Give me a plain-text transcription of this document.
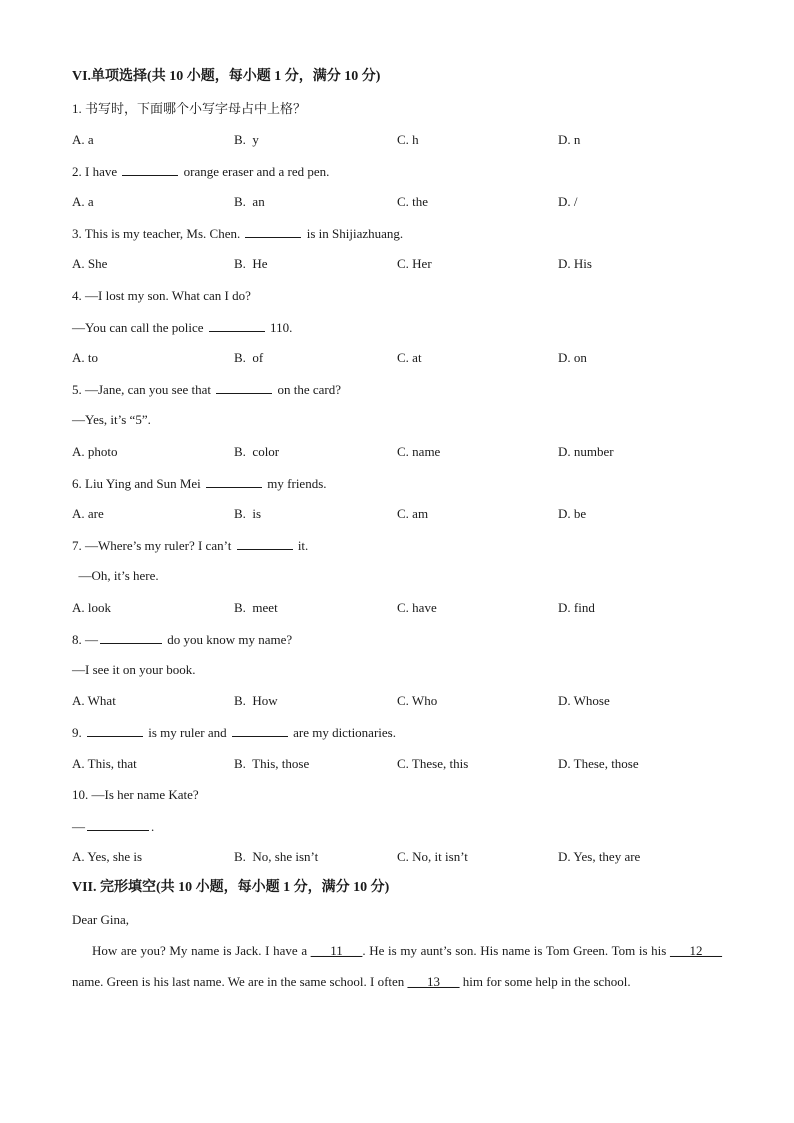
VI.单项选择(共 10 小题，每小题 1 分，满分 10 分)
1. 书写时，下面哪个小写字母占中上格？
A. a	B.  y	C. h	D. n
2. I have	orange eraser and a red pen.
A. a	B.  an	C. the	D. /
3. This is my teacher, Ms. Chen.	is in Shijiazhuang.
A. She	B.  He	C. Her	D. His
4. —I lost my son. What can I do?
—You can call the police	110.
A. to	B.  of	C. at	D. on
5. —Jane, can you see that	on the card?
—Yes, it’s “5”.
A. photo	B.  color	C. name	D. number
6. Liu Ying and Sun Mei	my friends.
A. are	B.  is	C. am	D. be
7. —Where’s my ruler? I can’t	it.
—Oh, it’s here.
A. look	B.  meet	C. have	D. find
8. —	do you know my name?
—I see it on your book.
A. What	B.  How	C. Who	D. Whose
9.	is my ruler and	are my dictionaries.
A. This, that	B.  This, those	C. These, this	D. These, those
10. —Is her name Kate?
—	.
A. Yes, she is	B.  No, she isn’t	C. No, it isn’t	D. Yes, they are
VII. 完形填空(共 10 小题，每小题 1 分，满分 10 分)
Dear Gina,
How are you? My name is Jack. I have a ___11___. He is my aunt’s son. His name is Tom Green. Tom is his ___12___ name. Green is his last name. We are in the same school. I often ___13___ him for some help in the school.
